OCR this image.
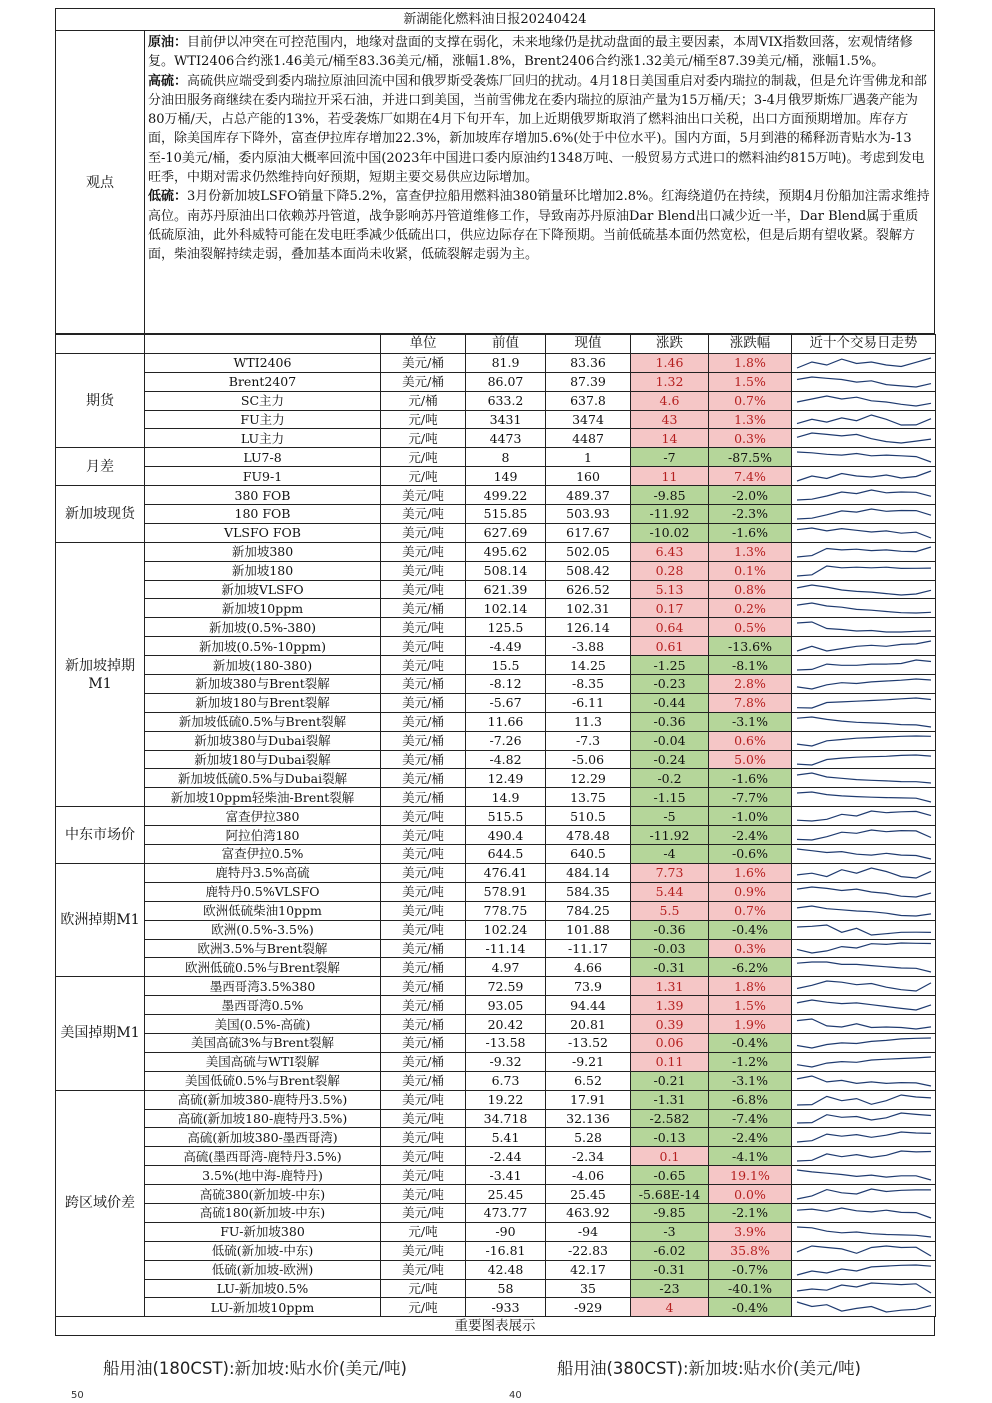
新湖能化燃料油日报20240424
观点

原油：目前伊以冲突在可控范围内，地缘对盘面的支撑在弱化，未来地缘仍是扰动盘面的最主要因素，本周VIX指数回落，宏观情绪修复。WTI2406合约涨1.46美元/桶至83.36美元/桶，涨幅1.8%，Brent2406合约涨1.32美元/桶至87.39美元/桶，涨幅1.5%。

高硫：高硫供应端受到委内瑞拉原油回流中国和俄罗斯受袭炼厂回归的扰动。4月18日美国重启对委内瑞拉的制裁，但是允许雪佛龙和部分油田服务商继续在委内瑞拉开采石油，并进口到美国，当前雪佛龙在委内瑞拉的原油产量为15万桶/天；3-4月俄罗斯炼厂遇袭产能为80万桶/天，占总产能的13%，若受袭炼厂如期在4月下旬开车，加上近期俄罗斯取消了燃料油出口关税，出口方面预期增加。库存方面，除美国库存下降外，富查伊拉库存增加22.3%，新加坡库存增加5.6%(处于中位水平)。国内方面，5月到港的稀释沥青贴水为-13至-10美元/桶，委内原油大概率回流中国(2023年中国进口委内原油约1348万吨、一般贸易方式进口的燃料油约815万吨)。考虑到发电旺季，中期对需求仍然维持向好预期，短期主要交易供应边际增加。

低硫：3月份新加坡LSFO销量下降5.2%，富查伊拉船用燃料油380销量环比增加2.8%。红海绕道仍在持续，预期4月份船加注需求维持高位。南苏丹原油出口依赖苏丹管道，战争影响苏丹管道维修工作，导致南苏丹原油Dar Blend出口减少近一半，Dar Blend属于重质低硫原油，此外科威特可能在发电旺季减少低硫出口，供应边际存在下降预期。当前低硫基本面仍然宽松，但是后期有望收紧。裂解方面，柴油裂解持续走弱，叠加基本面尚未收紧，低硫裂解走弱为主。

		单位	前值	现值	涨跌	涨跌幅	近十个交易日走势
期货	WTI2406	美元/桶	81.9	83.36	1.46	1.8%	

	Brent2407	美元/桶	86.07	87.39	1.32	1.5%	

	SC主力	元/桶	633.2	637.8	4.6	0.7%	

	FU主力	元/吨	3431	3474	43	1.3%	

	LU主力	元/吨	4473	4487	14	0.3%	

月差	LU7-8	元/吨	8	1	-7	-87.5%	

	FU9-1	元/吨	149	160	11	7.4%	

新加坡现货	380 FOB	美元/吨	499.22	489.37	-9.85	-2.0%	

	180 FOB	美元/吨	515.85	503.93	-11.92	-2.3%	

	VLSFO FOB	美元/吨	627.69	617.67	-10.02	-1.6%	

新加坡掉期M1	新加坡380	美元/吨	495.62	502.05	6.43	1.3%	

	新加坡180	美元/吨	508.14	508.42	0.28	0.1%	

	新加坡VLSFO	美元/吨	621.39	626.52	5.13	0.8%	

	新加坡10ppm	美元/桶	102.14	102.31	0.17	0.2%	

	新加坡(0.5%-380)	美元/吨	125.5	126.14	0.64	0.5%	

	新加坡(0.5%-10ppm)	美元/吨	-4.49	-3.88	0.61	-13.6%	

	新加坡(180-380)	美元/吨	15.5	14.25	-1.25	-8.1%	

	新加坡380与Brent裂解	美元/桶	-8.12	-8.35	-0.23	2.8%	

	新加坡180与Brent裂解	美元/桶	-5.67	-6.11	-0.44	7.8%	

	新加坡低硫0.5%与Brent裂解	美元/桶	11.66	11.3	-0.36	-3.1%	

	新加坡380与Dubai裂解	美元/桶	-7.26	-7.3	-0.04	0.6%	

	新加坡180与Dubai裂解	美元/桶	-4.82	-5.06	-0.24	5.0%	

	新加坡低硫0.5%与Dubai裂解	美元/桶	12.49	12.29	-0.2	-1.6%	

	新加坡10ppm轻柴油-Brent裂解	美元/桶	14.9	13.75	-1.15	-7.7%	

中东市场价	富查伊拉380	美元/吨	515.5	510.5	-5	-1.0%	

	阿拉伯湾180	美元/吨	490.4	478.48	-11.92	-2.4%	

	富查伊拉0.5%	美元/吨	644.5	640.5	-4	-0.6%	

欧洲掉期M1	鹿特丹3.5%高硫	美元/吨	476.41	484.14	7.73	1.6%	

	鹿特丹0.5%VLSFO	美元/吨	578.91	584.35	5.44	0.9%	

	欧洲低硫柴油10ppm	美元/吨	778.75	784.25	5.5	0.7%	

	欧洲(0.5%-3.5%)	美元/吨	102.24	101.88	-0.36	-0.4%	

	欧洲3.5%与Brent裂解	美元/桶	-11.14	-11.17	-0.03	0.3%	

	欧洲低硫0.5%与Brent裂解	美元/桶	4.97	4.66	-0.31	-6.2%	

美国掉期M1	墨西哥湾3.5%380	美元/桶	72.59	73.9	1.31	1.8%	

	墨西哥湾0.5%	美元/桶	93.05	94.44	1.39	1.5%	

	美国(0.5%-高硫)	美元/桶	20.42	20.81	0.39	1.9%	

	美国高硫3%与Brent裂解	美元/桶	-13.58	-13.52	0.06	-0.4%	

	美国高硫与WTI裂解	美元/桶	-9.32	-9.21	0.11	-1.2%	

	美国低硫0.5%与Brent裂解	美元/桶	6.73	6.52	-0.21	-3.1%	

跨区域价差	高硫(新加坡380-鹿特丹3.5%)	美元/吨	19.22	17.91	-1.31	-6.8%	

	高硫(新加坡180-鹿特丹3.5%)	美元/吨	34.718	32.136	-2.582	-7.4%	

	高硫(新加坡380-墨西哥湾)	美元/吨	5.41	5.28	-0.13	-2.4%	

	高硫(墨西哥湾-鹿特丹3.5%)	美元/吨	-2.44	-2.34	0.1	-4.1%	

	3.5%(地中海-鹿特丹)	美元/吨	-3.41	-4.06	-0.65	19.1%	

	高硫380(新加坡-中东)	美元/吨	25.45	25.45	-5.68E-14	0.0%	

	高硫180(新加坡-中东)	美元/吨	473.77	463.92	-9.85	-2.1%	

	FU-新加坡380	元/吨	-90	-94	-3	3.9%	

	低硫(新加坡-中东)	美元/吨	-16.81	-22.83	-6.02	35.8%	

	低硫(新加坡-欧洲)	美元/吨	42.48	42.17	-0.31	-0.7%	

	LU-新加坡0.5%	元/吨	58	35	-23	-40.1%	

	LU-新加坡10ppm	元/吨	-933	-929	4	-0.4%	
重要图表展示
船用油(180CST):新加坡:贴水价(美元/吨)	船用油(380CST):新加坡:贴水价(美元/吨)
50	40
